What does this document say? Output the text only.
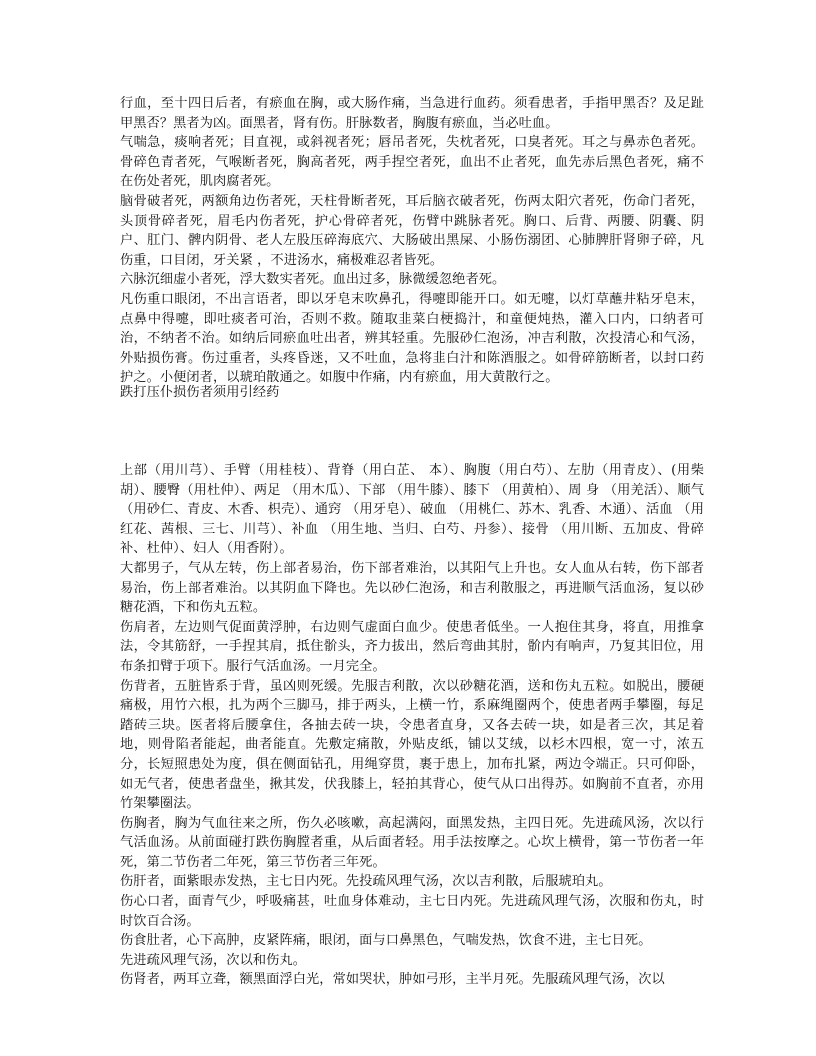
行血，至十四日后者，有瘀血在胸，或大肠作痛，当急进行血药。须看患者，手指甲黑否？及足趾甲黑否？黑者为凶。面黑者，肾有伤。肝脉数者，胸腹有瘀血，当必吐血。

气喘急，痰响者死；目直视，或斜视者死；唇吊者死，失枕者死，口臭者死。耳之与鼻赤色者死。骨碎色青者死，气喉断者死，胸高者死，两手捏空者死，血出不止者死，血先赤后黑色者死，痛不在伤处者死，肌肉腐者死。

脑骨破者死，两额角边伤者死，天柱骨断者死，耳后脑衣破者死，伤两太阳穴者死，伤命门者死，头顶骨碎者死，眉毛内伤者死，护心骨碎者死，伤臂中跳脉者死。胸口、后背、两腰、阴囊、阴户、肛门、髀内阴骨、老人左股压碎海底穴、大肠破出黑屎、小肠伤溺团、心肺脾肝肾卵子碎，凡伤重，口目闭，牙关紧 ，不进汤水，痛极难忍者皆死。

六脉沉细虚小者死，浮大数实者死。血出过多，脉微缓忽绝者死。

凡伤重口眼闭，不出言语者，即以牙皂末吹鼻孔，得嚏即能开口。如无嚏，以灯草蘸井粘牙皂末，点鼻中得嚏，即吐痰者可治，否则不救。随取韭菜白梗捣汁，和童便炖热，灌入口内，口纳者可治，不纳者不治。如纳后同瘀血吐出者，辨其轻重。先服砂仁泡汤，冲吉利散，次投清心和气汤，外贴损伤膏。伤过重者，头疼昏迷，又不吐血，急将韭白汁和陈酒服之。如骨碎筋断者，以封口药护之。小便闭者，以琥珀散通之。如腹中作痛，内有瘀血，用大黄散行之。

跌打压仆损伤者须用引经药

上部（用川芎）、手臂（用桂枝）、背脊（用白芷、 本）、胸腹（用白芍）、左肋（用青皮）、(用柴胡）、腰臀（用杜仲）、两足 （用木瓜）、下部 （用牛膝）、膝下 （用黄柏）、周 身 （用羌活）、顺气 （用砂仁、青皮、木香、枳壳）、通窍 （用牙皂）、破血 （用桃仁、苏木、乳香、木通）、活血 （用红花、茜根、三七、川芎）、补血 （用生地、当归、白芍、丹参）、接骨 （用川断、五加皮、骨碎补、杜仲）、妇人（用香附）。

大都男子，气从左转，伤上部者易治，伤下部者难治，以其阳气上升也。女人血从右转，伤下部者易治，伤上部者难治。以其阴血下降也。先以砂仁泡汤，和吉利散服之，再进顺气活血汤，复以砂糖花酒，下和伤丸五粒。

伤肩者，左边则气促面黄浮肿，右边则气虚面白血少。使患者低坐。一人抱住其身，将直，用推拿法，令其筋舒，一手捏其肩，抵住骱头，齐力拔出，然后弯曲其肘，骱内有响声，乃复其旧位，用布条扣臂于项下。服行气活血汤。一月完全。

伤背者，五脏皆系于背，虽凶则死缓。先服吉利散，次以砂糖花酒，送和伤丸五粒。如脱出，腰硬痛极，用竹六根，扎为两个三脚马，排于两头，上横一竹，系麻绳圈两个，使患者两手攀圈，每足踏砖三块。医者将后腰拿住，各抽去砖一块，令患者直身，又各去砖一块，如是者三次，其足着地，则骨陷者能起，曲者能直。先敷定痛散，外贴皮纸，铺以艾绒，以杉木四根，宽一寸，浓五分，长短照患处为度，俱在侧面钻孔，用绳穿贯，裹于患上，加布扎紧，两边令端正。只可仰卧，如无气者，使患者盘坐，揪其发，伏我膝上，轻拍其背心，使气从口出得苏。如胸前不直者，亦用竹架攀圈法。

伤胸者，胸为气血往来之所，伤久必咳嗽，高起满闷，面黑发热，主四日死。先进疏风汤，次以行气活血汤。从前面碰打跌伤胸膛者重，从后面者轻。用手法按摩之。心坎上横骨，第一节伤者一年死，第二节伤者二年死，第三节伤者三年死。

伤肝者，面紫眼赤发热，主七日内死。先投疏风理气汤，次以吉利散，后服琥珀丸。

伤心口者，面青气少，呼吸痛甚，吐血身体难动，主七日内死。先进疏风理气汤，次服和伤丸，时时饮百合汤。

伤食肚者，心下高肿，皮紧阵痛，眼闭，面与口鼻黑色，气喘发热，饮食不进，主七日死。

先进疏风理气汤，次以和伤丸。

伤肾者，两耳立聋，额黑面浮白光，常如哭状，肿如弓形，主半月死。先服疏风理气汤，次以
